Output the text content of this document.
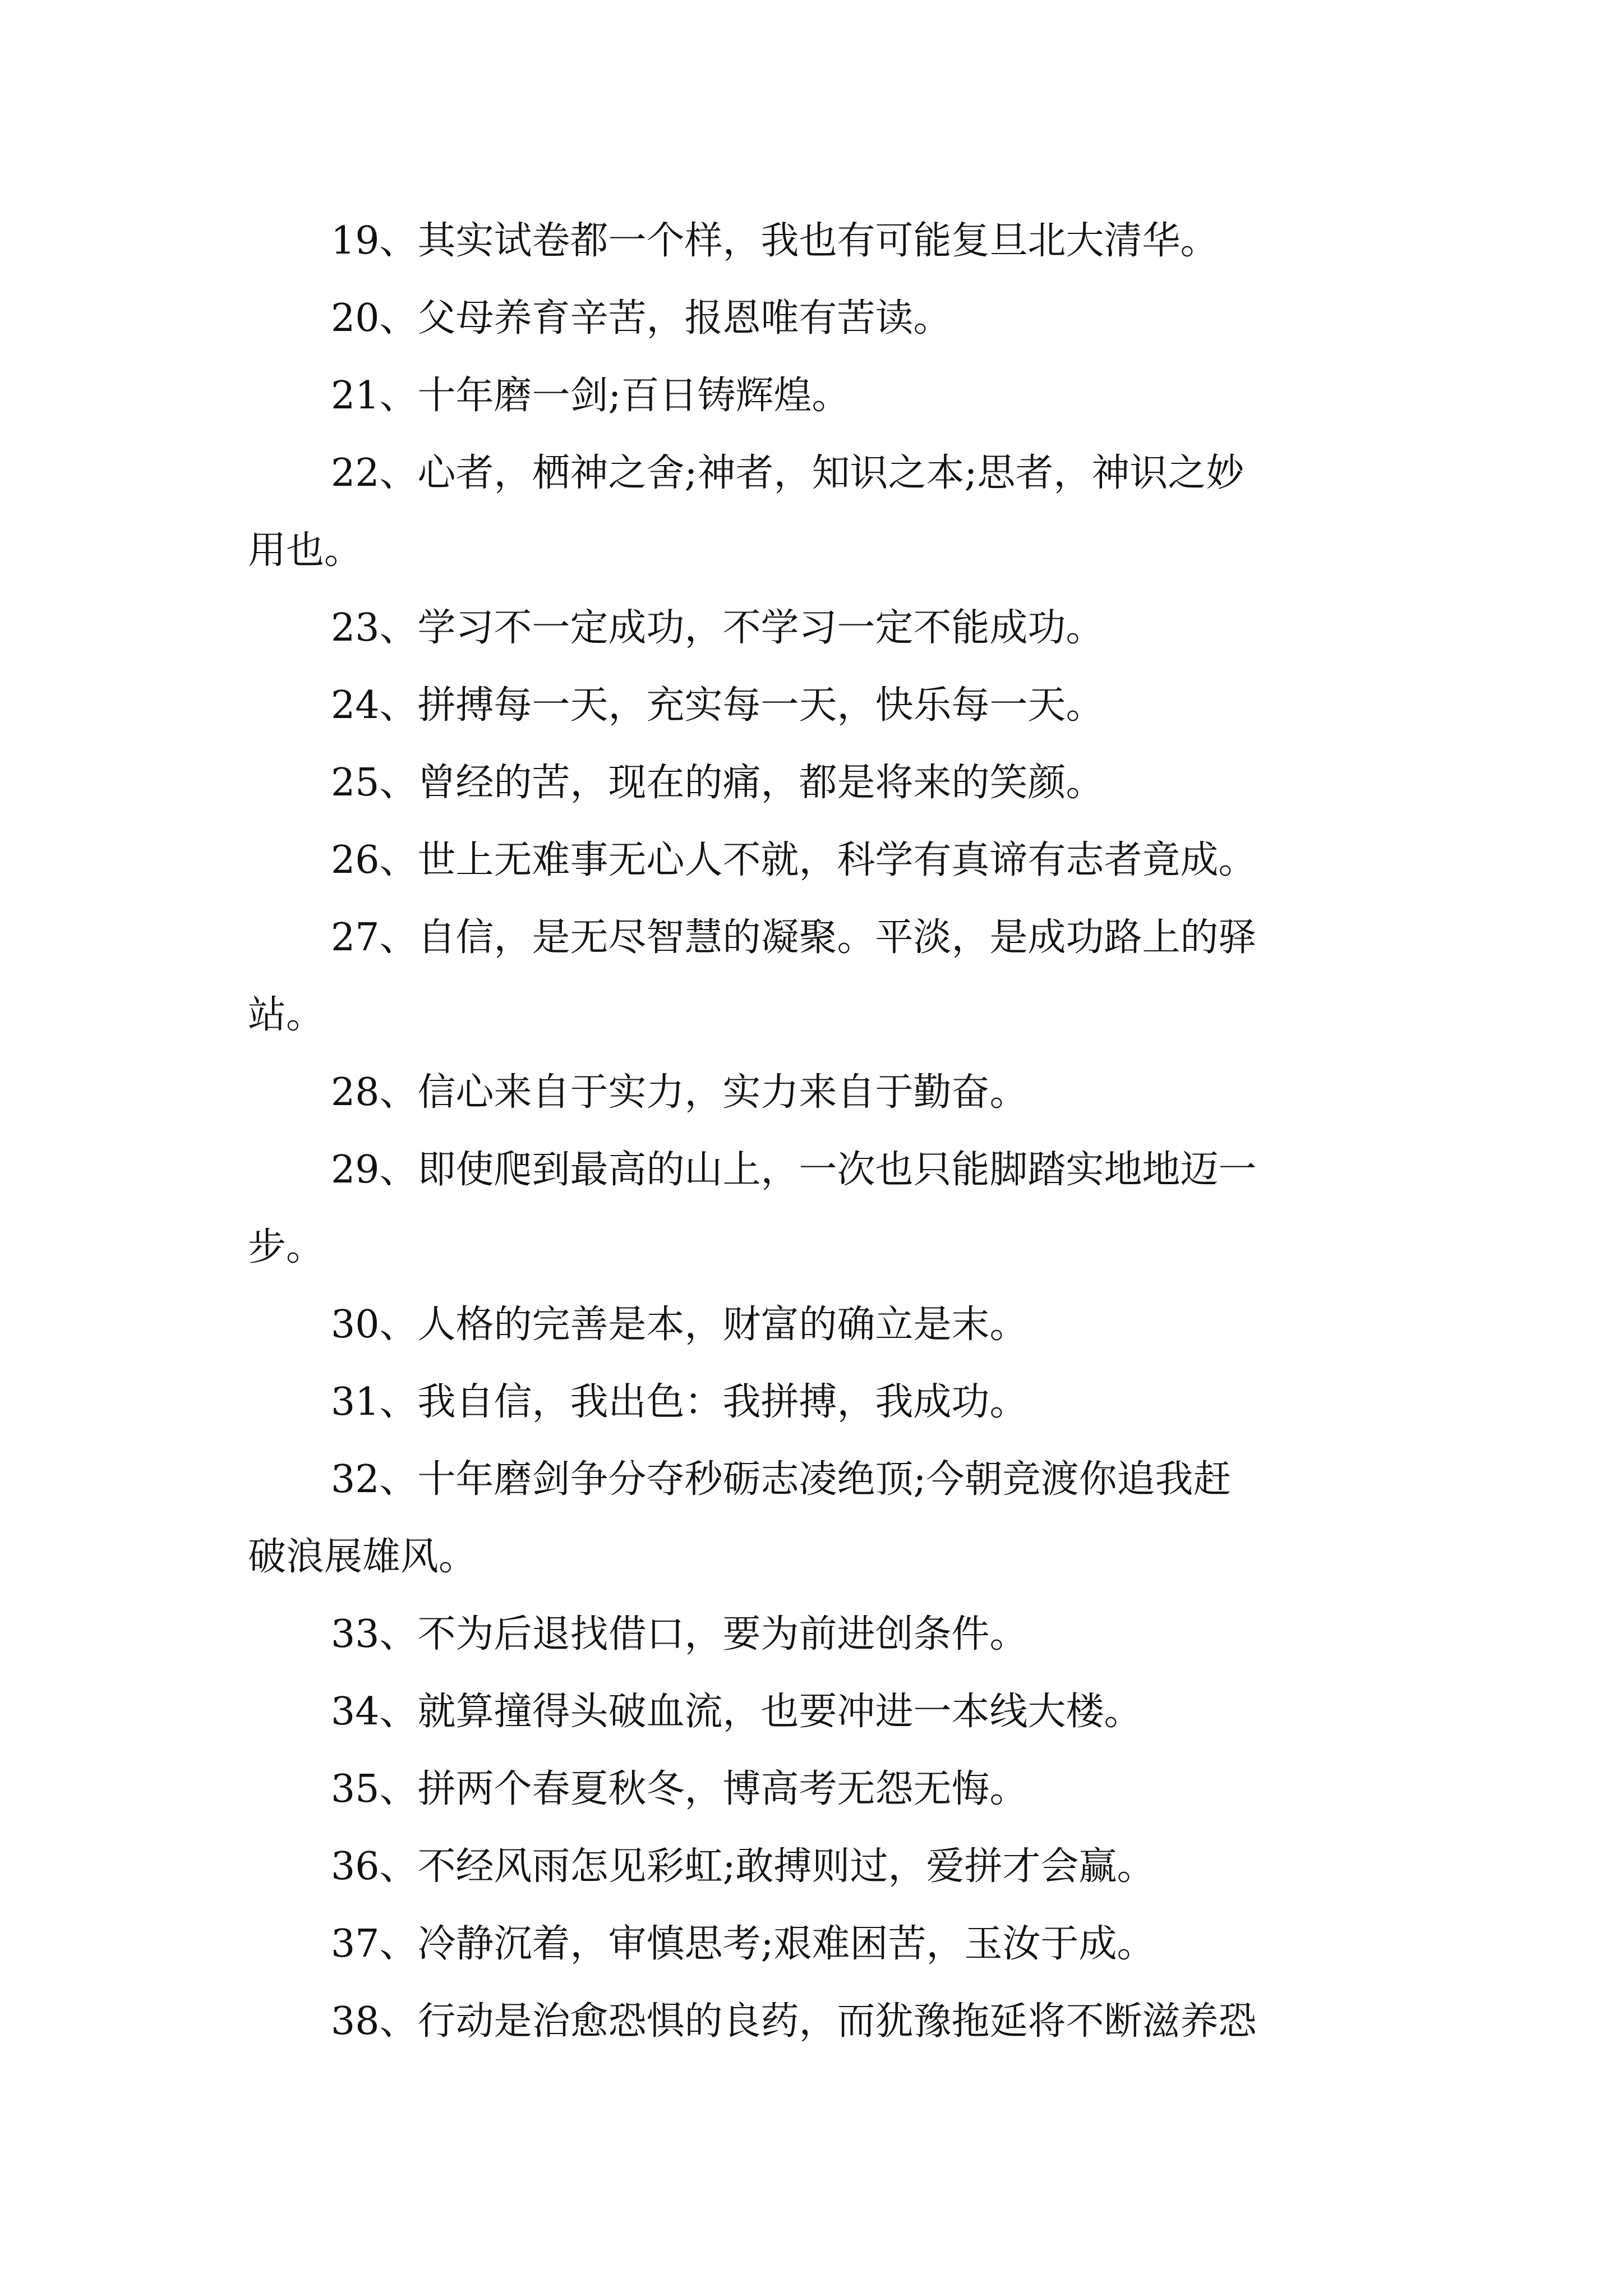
19、其实试卷都一个样，我也有可能复旦北大清华。

20、父母养育辛苦，报恩唯有苦读。

21、十年磨一剑;百日铸辉煌。

22、心者，栖神之舍;神者，知识之本;思者，神识之妙

用也。

23、学习不一定成功，不学习一定不能成功。

24、拼搏每一天，充实每一天，快乐每一天。

25、曾经的苦，现在的痛，都是将来的笑颜。

26、世上无难事无心人不就，科学有真谛有志者竟成。

27、自信，是无尽智慧的凝聚。平淡，是成功路上的驿

站。

28、信心来自于实力，实力来自于勤奋。

29、即使爬到最高的山上，一次也只能脚踏实地地迈一

步。

30、人格的完善是本，财富的确立是末。

31、我自信，我出色：我拼搏，我成功。

32、十年磨剑争分夺秒砺志凌绝顶;今朝竞渡你追我赶

破浪展雄风。

33、不为后退找借口，要为前进创条件。

34、就算撞得头破血流，也要冲进一本线大楼。

35、拼两个春夏秋冬，博高考无怨无悔。

36、不经风雨怎见彩虹;敢搏则过，爱拼才会赢。

37、冷静沉着，审慎思考;艰难困苦，玉汝于成。

38、行动是治愈恐惧的良药，而犹豫拖延将不断滋养恐
